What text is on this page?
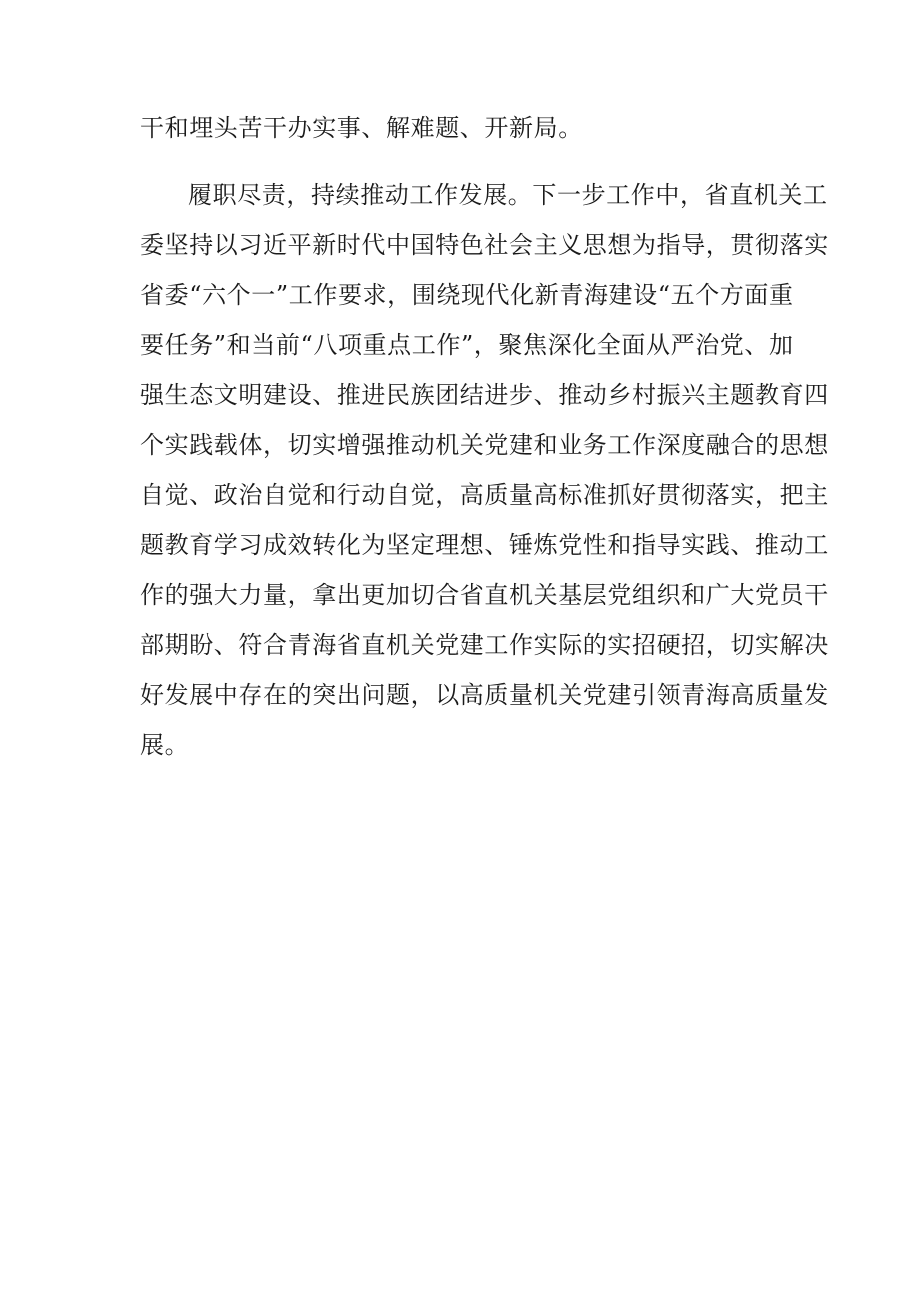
干和埋头苦干办实事、解难题、开新局。
履职尽责，持续推动工作发展。下一步工作中，省直机关工
委坚持以习近平新时代中国特色社会主义思想为指导，贯彻落实
省委“六个一”工作要求，围绕现代化新青海建设“五个方面重
要任务”和当前“八项重点工作”，聚焦深化全面从严治党、加
强生态文明建设、推进民族团结进步、推动乡村振兴主题教育四
个实践载体，切实增强推动机关党建和业务工作深度融合的思想
自觉、政治自觉和行动自觉，高质量高标准抓好贯彻落实，把主
题教育学习成效转化为坚定理想、锤炼党性和指导实践、推动工
作的强大力量，拿出更加切合省直机关基层党组织和广大党员干
部期盼、符合青海省直机关党建工作实际的实招硬招，切实解决
好发展中存在的突出问题，以高质量机关党建引领青海高质量发
展。
